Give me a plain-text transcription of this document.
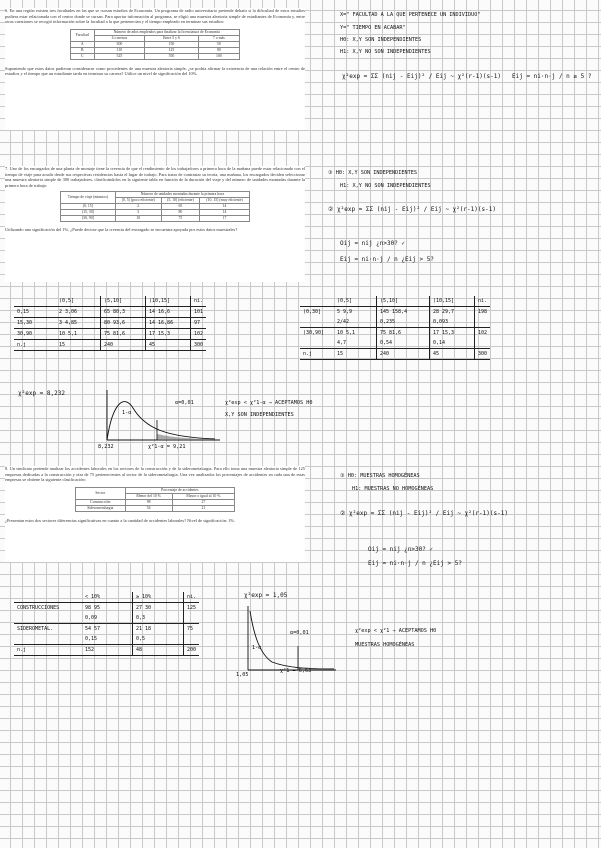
6. En una región existen tres facultades en las que se cursan estudios de Economía. Un programa de radio universitario pretende debatir si la dificultad de estos estudios pudiera estar relacionada con el centro donde se cursan. Para aportar información al programa, se eligió una muestra aleatoria simple de estudiantes de Economía y, entre otras cuestiones se recogió información sobre la facultad a la que pertenecían y el tiempo empleado en terminar sus estudios:

Facultad	Número de años empleados para finalizar la licenciatura de Economía		
	4 o menos	Entre 5 y 6	7 o más
A	300	150	50
B	110	125	80
C	525	550	100

Suponiendo que estos datos pudieran considerarse como procedentes de una muestra aleatoria simple, ¿se podría afirmar la existencia de una relación entre el centro de estudios y el tiempo que un estudiante tarda en terminar su carrera? Utilice un nivel de significación del 10%.

X=" FACULTAD A LA QUE PERTENECE UN INDIVIDUO"
Y=" TIEMPO EN ACABAR"
H0: X,Y SON INDEPENDIENTES
H1: X,Y NO SON INDEPENDIENTES
χ²exp = ΣΣ (nij - Eij)² / Eij ~ χ²(r-1)(s-1) Eij = ni·n·j / n ≥ 5 ?

7. Uno de los encargados de una planta de montaje tiene la creencia de que el rendimiento de los trabajadores a primera hora de la mañana puede estar relacionado con el tiempo de viaje para acudir desde sus respectivas residencias hasta el lugar de trabajo. Para tratar de contrastar su teoría, una mañana, los encargados deciden seleccionar una muestra aleatoria simple de 300 trabajadores, clasificándolos en la siguiente tabla en función de la duración del viaje y del número de unidades montadas durante la primera hora de trabajo:

Tiempo de viaje (minutos)	Número de unidades montadas durante la primera hora		
	(0, 5] (poco eficiente)	(5, 10] (eficiente)	(10, 15] (muy eficiente)
(0, 15]	2	65	14
(15, 30]	3	80	14
(30, 90]	10	75	17

Utilizando una significación del 1%, ¿Puede decirse que la creencia del encargado se encuentra apoyada por estos datos muestrales?

③ H0: X,Y SON INDEPENDIENTES
H1: X,Y NO SON INDEPENDIENTES
② χ²exp = ΣΣ (nij - Eij)² / Eij ~ χ²(r-1)(s-1)
Oij = nij ¿n>30? ✓
Eij = ni·n·j / n ¿Eij > 5?
	(0,5]	(5,10]	(10,15]	ni.
0,15	2 3,06	65 80,3	14 16,6	101
15,30	3 4,85	80 93,6	14 16,86	97
30,90	10 5,1	75 81,6	17 15,3	102
n.j	15	240	45	300
	(0,5]	(5,10]	(10,15]	ni.
(0,30]	5 9,9	145 158,4	28 29,7	198
	2/42	0,235	0,093	
(30,90]	10 5,1	75 81,6	17 15,3	102
	4,7	0,54	0,14	
n.j	15	240	45	300
χ²exp = 8,232
α=0,01
1-α
8,232	χ²1-α = 9,21
χ²exp < χ²1-α → ACEPTAMOS H0
X,Y SON INDEPENDIENTES

8. Un sindicato pretende analizar los accidentes laborales en los sectores de la construcción y de la siderometalurgia. Para ello toma una muestra aleatoria simple de 125 empresas dedicadas a la construcción y otra de 75 pertenecientes al sector de la siderometalurgia. Una vez analizados los porcentajes de accidentes en cada una de estas empresas se obtiene la siguiente clasificación:

Sector	Porcentaje de accidentes	
	Menor del 10 %	Mayor o igual al 10 %
Construcción	98	27
Siderometalurgia	54	21

¿Presentan estos dos sectores diferencias significativas en cuanto a la cantidad de accidentes laborales? Nivel de significación: 1%.

③ H0: MUESTRAS HOMOGÉNEAS
H1: MUESTRAS NO HOMOGÉNEAS
② χ²exp = ΣΣ (nij - Eij)² / Eij ~ χ²(r-1)(s-1)
Oij = nij ¿n>30? ✓
Eij = ni·n·j / n ¿Eij > 5?
	< 10%	≥ 10%	ni.
CONSTRUCCIONES	98 95	27 30	125
	0,09	0,3	
SIDEROMETAL.	54 57	21 18	75
	0,15	0,5	
n.j	152	48	200
χ²exp = 1,05
α=0,01
1-α
1,05
χ²1 = 6,63
χ²exp < χ²1 → ACEPTAMOS H0
MUESTRAS HOMOGÉNEAS
